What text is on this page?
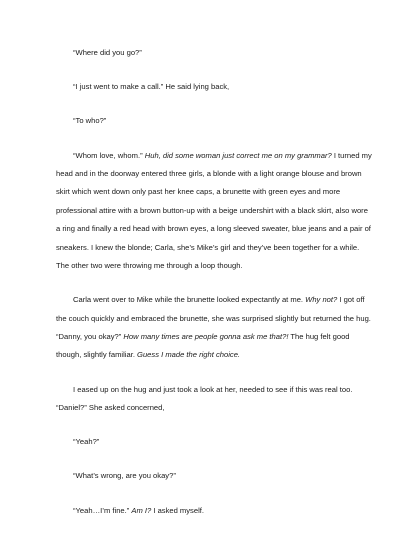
“Where did you go?”

“I just went to make a call.” He said lying back,

“To who?”

“Whom love, whom.” Huh, did some woman just correct me on my grammar? I turned my head and in the doorway entered three girls, a blonde with a light orange blouse and brown skirt which went down only past her knee caps, a brunette with green eyes and more professional attire with a brown button-up with a beige undershirt with a black skirt, also wore a ring and finally a red head with brown eyes, a long sleeved sweater, blue jeans and a pair of sneakers. I knew the blonde; Carla, she’s Mike’s girl and they’ve been together for a while. The other two were throwing me through a loop though.

Carla went over to Mike while the brunette looked expectantly at me. Why not? I got off the couch quickly and embraced the brunette, she was surprised slightly but returned the hug. “Danny, you okay?” How many times are people gonna ask me that?! The hug felt good though, slightly familiar. Guess I made the right choice.

I eased up on the hug and just took a look at her, needed to see if this was real too. “Daniel?” She asked concerned,

“Yeah?”

“What’s wrong, are you okay?”

“Yeah…I’m fine.” Am I? I asked myself.
